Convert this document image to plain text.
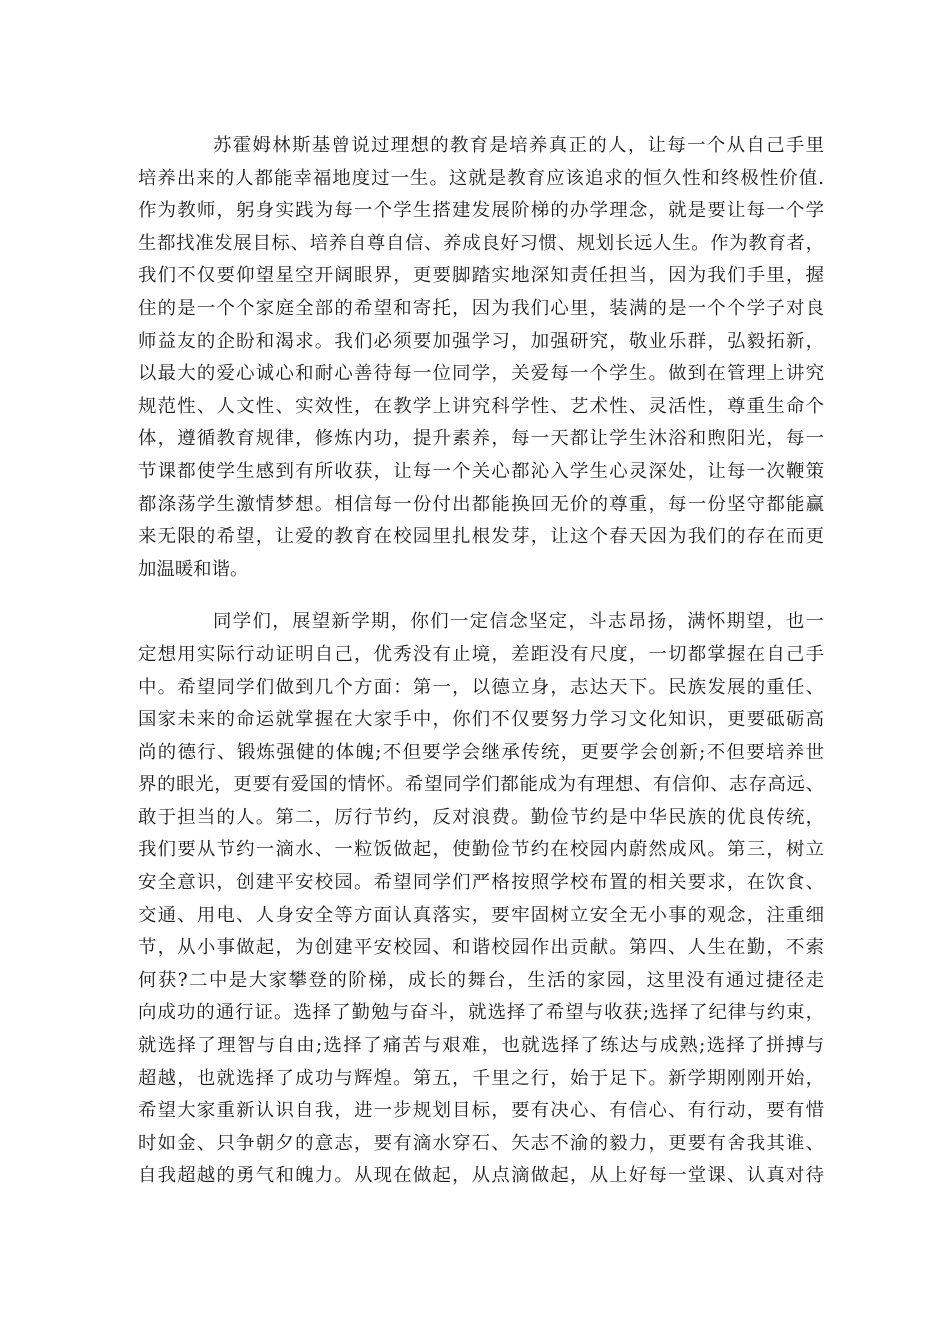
苏霍姆林斯基曾说过理想的教育是培养真正的人，让每一个从自己手里
培养出来的人都能幸福地度过一生。这就是教育应该追求的恒久性和终极性价值.
作为教师，躬身实践为每一个学生搭建发展阶梯的办学理念，就是要让每一个学
生都找准发展目标、培养自尊自信、养成良好习惯、规划长远人生。作为教育者，
我们不仅要仰望星空开阔眼界，更要脚踏实地深知责任担当，因为我们手里，握
住的是一个个家庭全部的希望和寄托，因为我们心里，装满的是一个个学子对良
师益友的企盼和渴求。我们必须要加强学习，加强研究，敬业乐群，弘毅拓新，
以最大的爱心诚心和耐心善待每一位同学，关爱每一个学生。做到在管理上讲究
规范性、人文性、实效性，在教学上讲究科学性、艺术性、灵活性，尊重生命个
体，遵循教育规律，修炼内功，提升素养，每一天都让学生沐浴和煦阳光，每一
节课都使学生感到有所收获，让每一个关心都沁入学生心灵深处，让每一次鞭策
都涤荡学生激情梦想。相信每一份付出都能换回无价的尊重，每一份坚守都能赢
来无限的希望，让爱的教育在校园里扎根发芽，让这个春天因为我们的存在而更
加温暖和谐。
同学们，展望新学期，你们一定信念坚定，斗志昂扬，满怀期望，也一
定想用实际行动证明自己，优秀没有止境，差距没有尺度，一切都掌握在自己手
中。希望同学们做到几个方面：第一，以德立身，志达天下。民族发展的重任、
国家未来的命运就掌握在大家手中，你们不仅要努力学习文化知识，更要砥砺高
尚的德行、锻炼强健的体魄;不但要学会继承传统，更要学会创新;不但要培养世
界的眼光，更要有爱国的情怀。希望同学们都能成为有理想、有信仰、志存高远、
敢于担当的人。第二，厉行节约，反对浪费。勤俭节约是中华民族的优良传统，
我们要从节约一滴水、一粒饭做起，使勤俭节约在校园内蔚然成风。第三，树立
安全意识，创建平安校园。希望同学们严格按照学校布置的相关要求，在饮食、
交通、用电、人身安全等方面认真落实，要牢固树立安全无小事的观念，注重细
节，从小事做起，为创建平安校园、和谐校园作出贡献。第四、人生在勤，不索
何获?二中是大家攀登的阶梯，成长的舞台，生活的家园，这里没有通过捷径走
向成功的通行证。选择了勤勉与奋斗，就选择了希望与收获;选择了纪律与约束，
就选择了理智与自由;选择了痛苦与艰难，也就选择了练达与成熟;选择了拼搏与
超越，也就选择了成功与辉煌。第五，千里之行，始于足下。新学期刚刚开始，
希望大家重新认识自我，进一步规划目标，要有决心、有信心、有行动，要有惜
时如金、只争朝夕的意志，要有滴水穿石、矢志不渝的毅力，更要有舍我其谁、
自我超越的勇气和魄力。从现在做起，从点滴做起，从上好每一堂课、认真对待
